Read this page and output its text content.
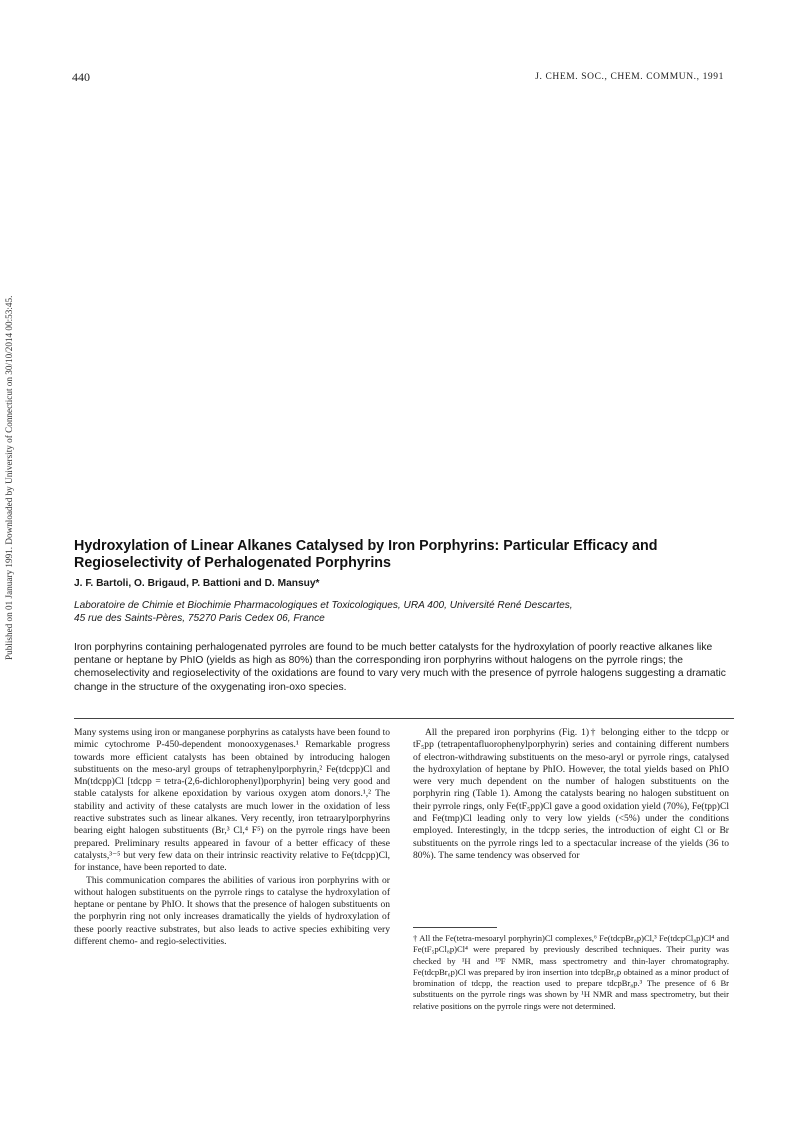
Published on 01 January 1991. Downloaded by University of Connecticut on 30/10/2014 00:53:45.
440	J. CHEM. SOC., CHEM. COMMUN., 1991
Hydroxylation of Linear Alkanes Catalysed by Iron Porphyrins: Particular Efficacy and Regioselectivity of Perhalogenated Porphyrins
J. F. Bartoli, O. Brigaud, P. Battioni and D. Mansuy*
Laboratoire de Chimie et Biochimie Pharmacologiques et Toxicologiques, URA 400, Université René Descartes,
45 rue des Saints-Pères, 75270 Paris Cedex 06, France

Iron porphyrins containing perhalogenated pyrroles are found to be much better catalysts for the hydroxylation of poorly reactive alkanes like pentane or heptane by PhIO (yields as high as 80%) than the corresponding iron porphyrins without halogens on the pyrrole rings; the chemoselectivity and regioselectivity of the oxidations are found to vary very much with the presence of pyrrole halogens suggesting a dramatic change in the structure of the oxygenating iron-oxo species.

Many systems using iron or manganese porphyrins as catalysts have been found to mimic cytochrome P-450-dependent monooxygenases.¹ Remarkable progress towards more efficient catalysts has been obtained by introducing halogen substituents on the meso-aryl groups of tetraphenylporphyrin,² Fe(tdcpp)Cl and Mn(tdcpp)Cl [tdcpp = tetra-(2,6-dichlorophenyl)porphyrin] being very good and stable catalysts for alkene epoxidation by various oxygen atom donors.¹,² The stability and activity of these catalysts are much lower in the oxidation of less reactive substrates such as linear alkanes. Very recently, iron tetraarylporphyrins bearing eight halogen substituents (Br,³ Cl,⁴ F⁵) on the pyrrole rings have been prepared. Preliminary results appeared in favour of a better efficacy of these catalysts,³⁻⁵ but very few data on their intrinsic reactivity relative to Fe(tdcpp)Cl, for instance, have been reported to date.

This communication compares the abilities of various iron porphyrins with or without halogen substituents on the pyrrole rings to catalyse the hydroxylation of heptane or pentane by PhIO. It shows that the presence of halogen substituents on the porphyrin ring not only increases dramatically the yields of hydroxylation of these poorly reactive substrates, but also leads to active species exhibiting very different chemo- and regio-selectivities.

All the prepared iron porphyrins (Fig. 1)† belonging either to the tdcpp or tF₅pp (tetrapentafluorophenylporphyrin) series and containing different numbers of electron-withdrawing substituents on the meso-aryl or pyrrole rings, catalysed the hydroxylation of heptane by PhIO. However, the total yields based on PhIO were very much dependent on the number of halogen substituents on the porphyrin ring (Table 1). Among the catalysts bearing no halogen substituent on their pyrrole rings, only Fe(tF₅pp)Cl gave a good oxidation yield (70%), Fe(tpp)Cl and Fe(tmp)Cl leading only to very low yields (<5%) under the conditions employed. Interestingly, in the tdcpp series, the introduction of eight Cl or Br substituents on the pyrrole rings led to a spectacular increase of the yields (36 to 80%). The same tendency was observed for

† All the Fe(tetra-mesoaryl porphyrin)Cl complexes,⁶ Fe(tdcpBr₈p)Cl,³ Fe(tdcpCl₈p)Cl⁴ and Fe(tF₅pCl₈p)Cl⁴ were prepared by previously described techniques. Their purity was checked by ¹H and ¹⁹F NMR, mass spectrometry and thin-layer chromatography. Fe(tdcpBr₆p)Cl was prepared by iron insertion into tdcpBr₆p obtained as a minor product of bromination of tdcpp, the reaction used to prepare tdcpBr₈p.³ The presence of 6 Br substituents on the pyrrole rings was shown by ¹H NMR and mass spectrometry, but their relative positions on the pyrrole rings were not determined.
